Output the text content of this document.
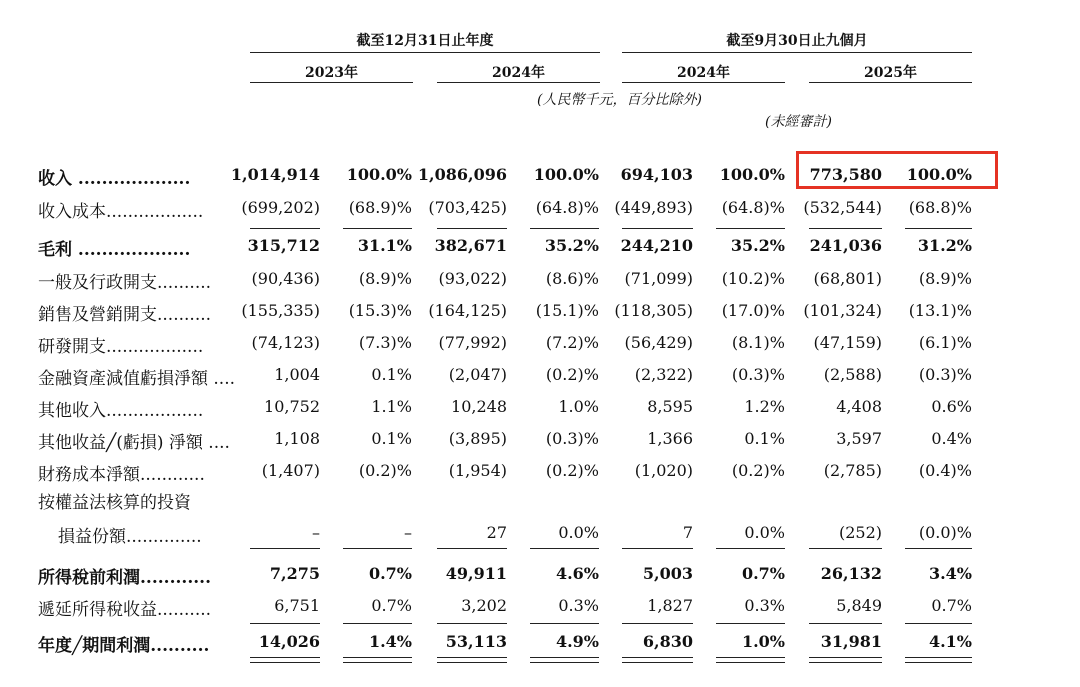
截至12月31日止年度	截至9月30日止九個月
2023年	2024年	2024年	2025年
(人民幣千元，百分比除外)
(未經審計)
收入 ...................	1,014,914	100.0% 1,086,096	100.0%	694,103	100.0%	773,580	100.0%
收入成本..................	(699,202)	(68.9)%	(703,425)	(64.8)% (449,893)	(64.8)%	(532,544)	(68.8)%
毛利 ...................	315,712	31.1%	382,671	35.2%	244,210	35.2%	241,036	31.2%
一般及行政開支..........	(90,436)	(8.9)%	(93,022)	(8.6)%	(71,099)	(10.2)%	(68,801)	(8.9)%
銷售及營銷開支..........	(155,335)	(15.3)%	(164,125)	(15.1)% (118,305)	(17.0)%	(101,324)	(13.1)%
研發開支..................	(74,123)	(7.3)%	(77,992)	(7.2)%	(56,429)	(8.1)%	(47,159)	(6.1)%
金融資產減值虧損淨額 ....	1,004	0.1%	(2,047)	(0.2)%	(2,322)	(0.3)%	(2,588)	(0.3)%
其他收入..................	10,752	1.1%	10,248	1.0%	8,595	1.2%	4,408	0.6%
其他收益╱(虧損) 淨額 ....	1,108	0.1%	(3,895)	(0.3)%	1,366	0.1%	3,597	0.4%
財務成本淨額............	(1,407)	(0.2)%	(1,954)	(0.2)%	(1,020)	(0.2)%	(2,785)	(0.4)%
按權益法核算的投資
損益份額..............	–	–	27	0.0%	7	0.0%	(252)	(0.0)%
所得稅前利潤............	7,275	0.7%	49,911	4.6%	5,003	0.7%	26,132	3.4%
遞延所得稅收益..........	6,751	0.7%	3,202	0.3%	1,827	0.3%	5,849	0.7%
年度╱期間利潤..........	14,026	1.4%	53,113	4.9%	6,830	1.0%	31,981	4.1%
